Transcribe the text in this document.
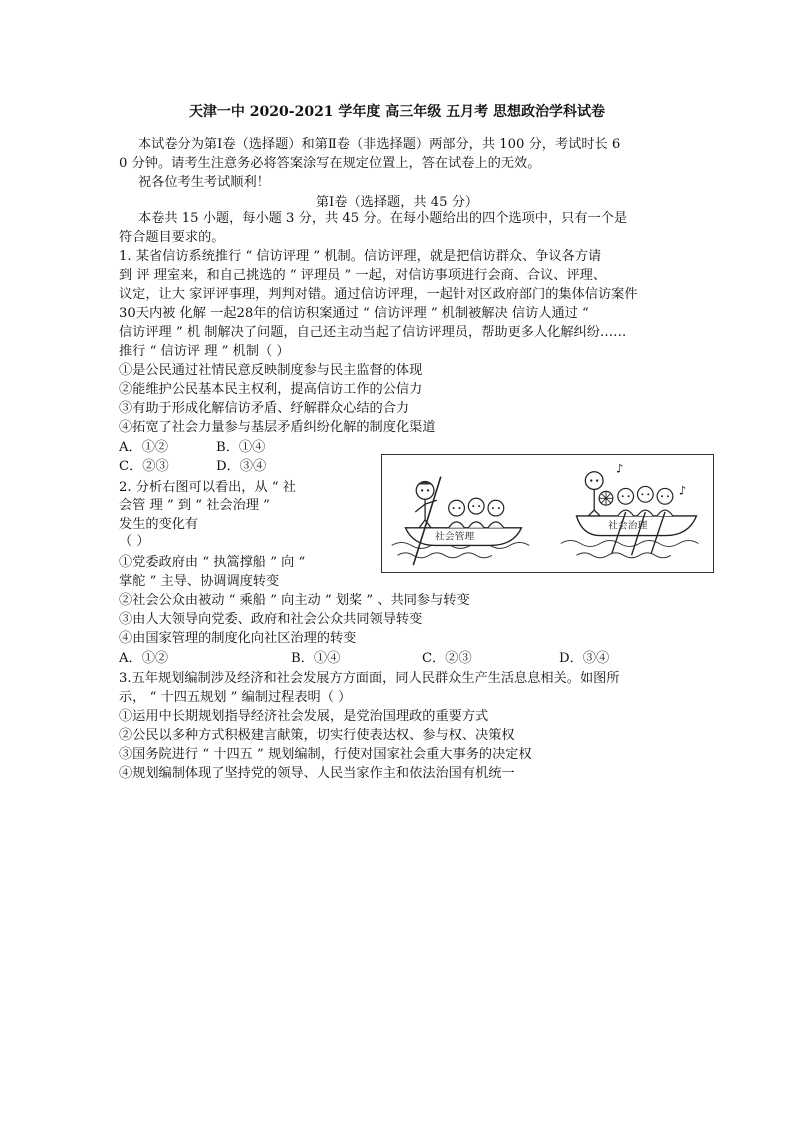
天津一中 2020-2021 学年度 高三年级 五月考 思想政治学科试卷
本试卷分为第Ⅰ卷（选择题）和第Ⅱ卷（非选择题）两部分，共 100 分，考试时长 6
0 分钟。请考生注意务必将答案涂写在规定位置上，答在试卷上的无效。
祝各位考生考试顺利！
第Ⅰ卷（选择题，共 45 分）
本卷共 15 小题，每小题 3 分，共 45 分。在每小题给出的四个选项中，只有一个是
符合题目要求的。
1. 某省信访系统推行 “ 信访评理 ” 机制。信访评理，就是把信访群众、争议各方请
到 评 理室来，和自己挑选的 “ 评理员 ” 一起，对信访事项进行会商、合议、评理、
议定，让大 家评评事理，判判对错。通过信访评理，一起针对区政府部门的集体信访案件
30天内被 化解 一起28年的信访积案通过 “ 信访评理 ” 机制被解决 信访人通过 “
信访评理 ” 机 制解决了问题，自己还主动当起了信访评理员，帮助更多人化解纠纷……
推行 “ 信访评 理 ” 机制（ ）
①是公民通过社情民意反映制度参与民主监督的体现
②能维护公民基本民主权利，提高信访工作的公信力
③有助于形成化解信访矛盾、纾解群众心结的合力
④拓宽了社会力量参与基层矛盾纠纷化解的制度化渠道
A．①②	B．①④
C．②③	D．③④
2. 分析右图可以看出，从 “ 社
会管 理 ” 到 “ 社会治理 ”
发生的变化有
（ ）	社会管理
♪
♪
社会治理
①党委政府由 “ 执篙撑船 ” 向 “
掌舵 ” 主导、协调调度转变
②社会公众由被动 “ 乘船 ” 向主动 “ 划桨 ” 、共同参与转变
③由人大领导向党委、政府和社会公众共同领导转变
④由国家管理的制度化向社区治理的转变
A．①②	B．①④	C．②③	D．③④
3.五年规划编制涉及经济和社会发展方方面面，同人民群众生产生活息息相关。如图所
示， “ 十四五规划 ” 编制过程表明（ ）
①运用中长期规划指导经济社会发展，是党治国理政的重要方式
②公民以多种方式积极建言献策，切实行使表达权、参与权、决策权
③国务院进行 “ 十四五 ” 规划编制，行使对国家社会重大事务的决定权
④规划编制体现了坚持党的领导、人民当家作主和依法治国有机统一
